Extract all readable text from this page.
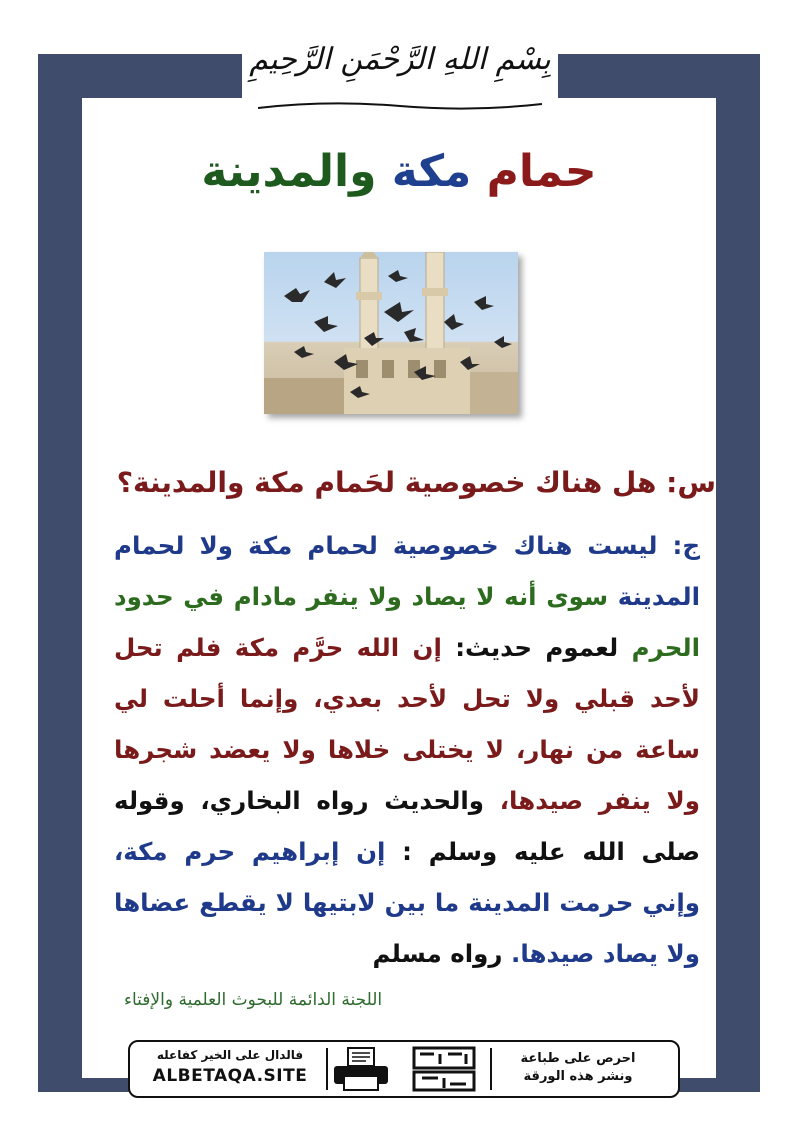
بِسْمِ اللهِ الرَّحْمَنِ الرَّحِيمِ
حمام مكة والمدينة
س: هل هناك خصوصية لحَمام مكة والمدينة؟

ج: ليست هناك خصوصية لحمام مكة ولا لحمام المدينة سوى أنه لا يصاد ولا ينفر مادام في حدود الحرم لعموم حديث: إن الله حرَّم مكة فلم تحل لأحد قبلي ولا تحل لأحد بعدي، وإنما أحلت لي ساعة من نهار، لا يختلى خلاها ولا يعضد شجرها ولا ينفر صيدها، والحديث رواه البخاري، وقوله صلى الله عليه وسلم : إن إبراهيم حرم مكة، وإني حرمت المدينة ما بين لابتيها لا يقطع عضاها ولا يصاد صيدها. رواه مسلم

اللجنة الدائمة للبحوث العلمية والإفتاء
احرص على طباعة
ونشر هذه الورقة
فالدال على الخير كفاعله
ALBETAQA.SITE
